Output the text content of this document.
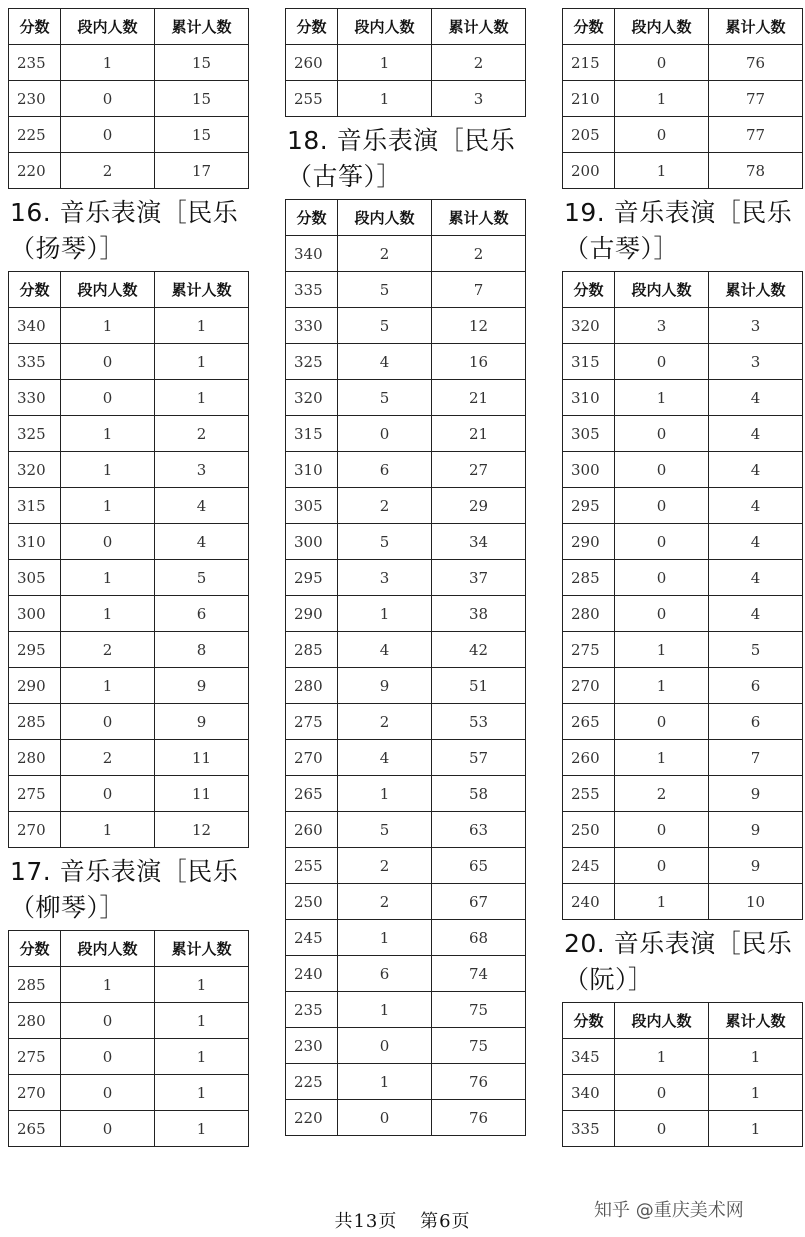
分数	段内人数	累计人数
235	1	15
230	0	15
225	0	15
220	2	17
16. 音乐表演［民乐
（扬琴）］
分数	段内人数	累计人数
340	1	1
335	0	1
330	0	1
325	1	2
320	1	3
315	1	4
310	0	4
305	1	5
300	1	6
295	2	8
290	1	9
285	0	9
280	2	11
275	0	11
270	1	12
17. 音乐表演［民乐
（柳琴）］
分数	段内人数	累计人数
285	1	1
280	0	1
275	0	1
270	0	1
265	0	1
分数	段内人数	累计人数
260	1	2
255	1	3
18. 音乐表演［民乐
（古筝）］
分数	段内人数	累计人数
340	2	2
335	5	7
330	5	12
325	4	16
320	5	21
315	0	21
310	6	27
305	2	29
300	5	34
295	3	37
290	1	38
285	4	42
280	9	51
275	2	53
270	4	57
265	1	58
260	5	63
255	2	65
250	2	67
245	1	68
240	6	74
235	1	75
230	0	75
225	1	76
220	0	76
分数	段内人数	累计人数
215	0	76
210	1	77
205	0	77
200	1	78
19. 音乐表演［民乐
（古琴）］
分数	段内人数	累计人数
320	3	3
315	0	3
310	1	4
305	0	4
300	0	4
295	0	4
290	0	4
285	0	4
280	0	4
275	1	5
270	1	6
265	0	6
260	1	7
255	2	9
250	0	9
245	0	9
240	1	10
20. 音乐表演［民乐
（阮）］
分数	段内人数	累计人数
345	1	1
340	0	1
335	0	1
共13页 第6页
知乎 @重庆美术网
